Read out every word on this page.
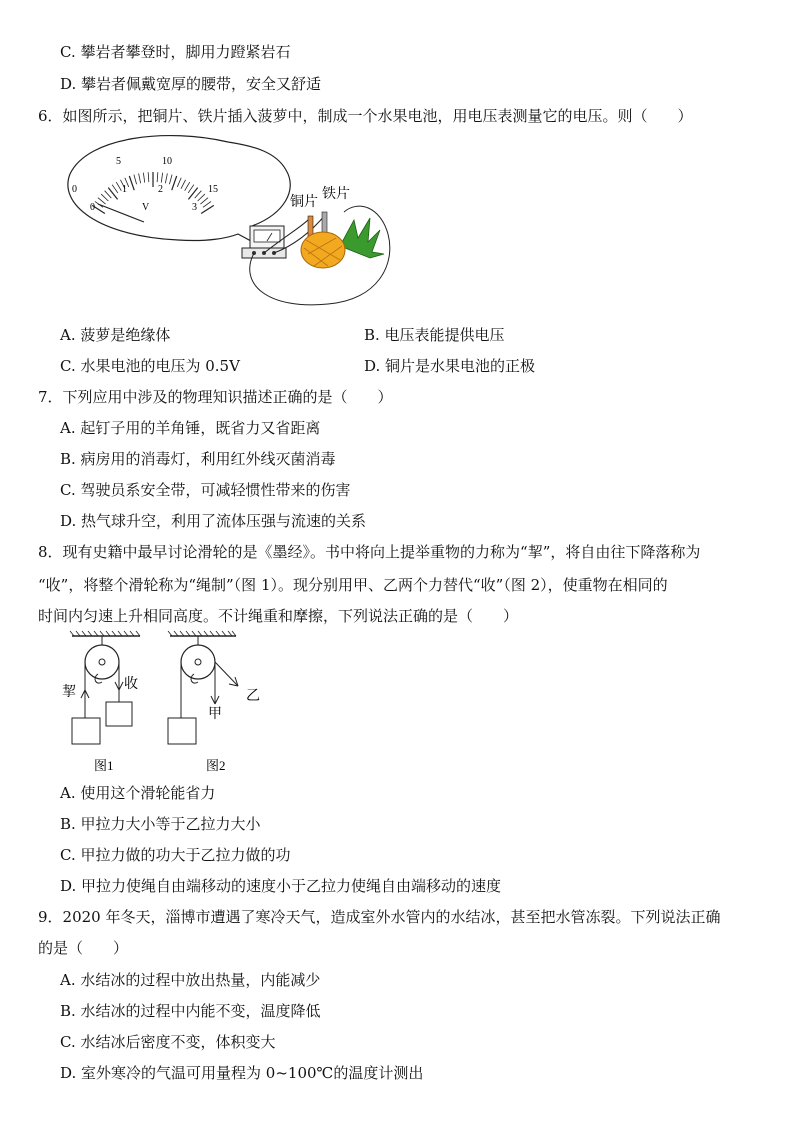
C. 攀岩者攀登时，脚用力蹬紧岩石
D. 攀岩者佩戴宽厚的腰带，安全又舒适
6．如图所示，把铜片、铁片插入菠萝中，制成一个水果电池，用电压表测量它的电压。则（　　）
0
5	10
15
0
1	2
3
V	铜片
铁片
A. 菠萝是绝缘体	B. 电压表能提供电压
C. 水果电池的电压为 0.5V	D. 铜片是水果电池的正极
7．下列应用中涉及的物理知识描述正确的是（　　）
A. 起钉子用的羊角锤，既省力又省距离
B. 病房用的消毒灯，利用红外线灭菌消毒
C. 驾驶员系安全带，可减轻惯性带来的伤害
D. 热气球升空，利用了流体压强与流速的关系
8．现有史籍中最早讨论滑轮的是《墨经》。书中将向上提举重物的力称为“挈”，将自由往下降落称为
“收”，将整个滑轮称为“绳制”（图 1）。现分别用甲、乙两个力替代“收”（图 2），使重物在相同的
时间内匀速上升相同高度。不计绳重和摩擦，下列说法正确的是（　　）
挈
收
图1
甲
乙
图2
A. 使用这个滑轮能省力
B. 甲拉力大小等于乙拉力大小
C. 甲拉力做的功大于乙拉力做的功
D. 甲拉力使绳自由端移动的速度小于乙拉力使绳自由端移动的速度
9．2020 年冬天，淄博市遭遇了寒冷天气，造成室外水管内的水结冰，甚至把水管冻裂。下列说法正确
的是（　　）
A. 水结冰的过程中放出热量，内能减少
B. 水结冰的过程中内能不变，温度降低
C. 水结冰后密度不变，体积变大
D. 室外寒冷的气温可用量程为 0~100℃的温度计测出
